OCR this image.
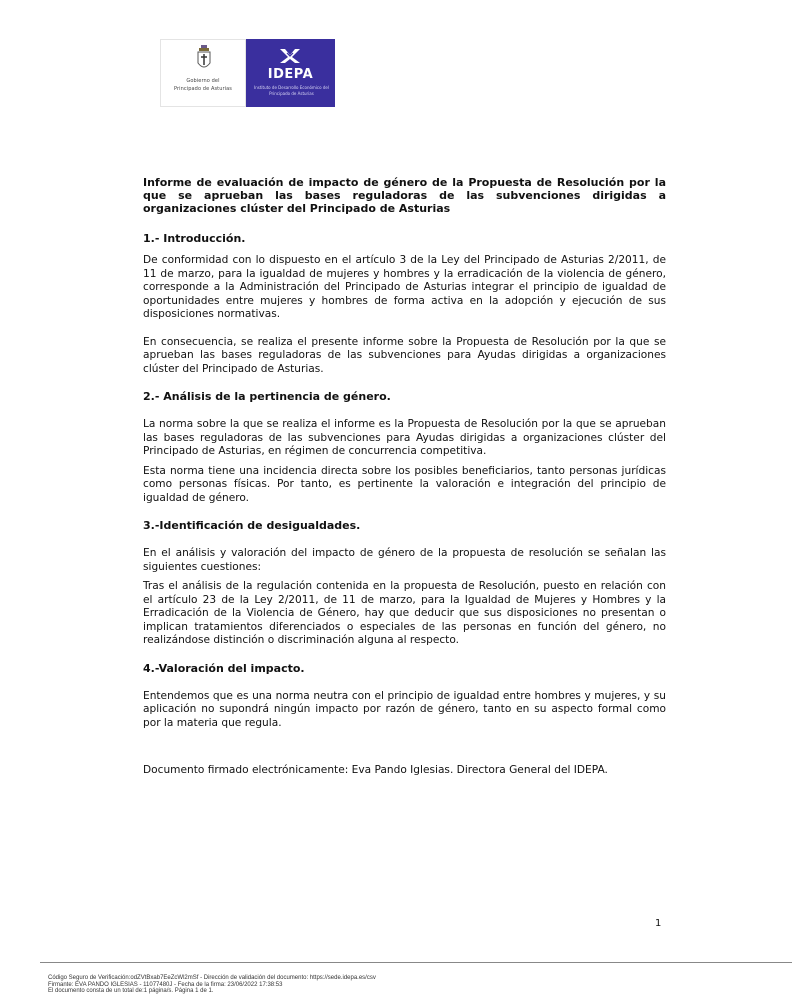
Gobierno del
Principado de Asturias
IDEPA
Instituto de Desarrollo Económico del Principado de Asturias
Informe de evaluación de impacto de género de la Propuesta de Resolución por la que se aprueban las bases reguladoras de las subvenciones dirigidas a organizaciones clúster del Principado de Asturias
1.- Introducción.
De conformidad con lo dispuesto en el artículo 3 de la Ley del Principado de Asturias 2/2011, de 11 de marzo, para la igualdad de mujeres y hombres y la erradicación de la violencia de género, corresponde a la Administración del Principado de Asturias integrar el principio de igualdad de oportunidades entre mujeres y hombres de forma activa en la adopción y ejecución de sus disposiciones normativas.
En consecuencia, se realiza el presente informe sobre la Propuesta de Resolución por la que se aprueban las bases reguladoras de las subvenciones para Ayudas dirigidas a organizaciones clúster del Principado de Asturias.
2.- Análisis de la pertinencia de género.
La norma sobre la que se realiza el informe es la Propuesta de Resolución por la que se aprueban las bases reguladoras de las subvenciones para Ayudas dirigidas a organizaciones clúster del Principado de Asturias, en régimen de concurrencia competitiva.
Esta norma tiene una incidencia directa sobre los posibles beneficiarios, tanto personas jurídicas como personas físicas. Por tanto, es pertinente la valoración e integración del principio de igualdad de género.
3.-Identificación de desigualdades.
En el análisis y valoración del impacto de género de la propuesta de resolución se señalan las siguientes cuestiones:
Tras el análisis de la regulación contenida en la propuesta de Resolución, puesto en relación con el artículo 23 de la Ley 2/2011, de 11 de marzo, para la Igualdad de Mujeres y Hombres y la Erradicación de la Violencia de Género, hay que deducir que sus disposiciones no presentan o implican tratamientos diferenciados o especiales de las personas en función del género, no realizándose distinción o discriminación alguna al respecto.
4.-Valoración del impacto.
Entendemos que es una norma neutra con el principio de igualdad entre hombres y mujeres, y su aplicación no supondrá ningún impacto por razón de género, tanto en su aspecto formal como por la materia que regula.
Documento firmado electrónicamente: Eva Pando Iglesias. Directora General del IDEPA.
1
Código Seguro de Verificación:odZVtBxab7EeZcWl2mSf - Dirección de validación del documento: https://sede.idepa.es/csv
Firmante: EVA PANDO IGLESIAS - 11077480J - Fecha de la firma: 23/06/2022 17:38:53
El documento consta de un total de:1 página/s. Página 1 de 1.
